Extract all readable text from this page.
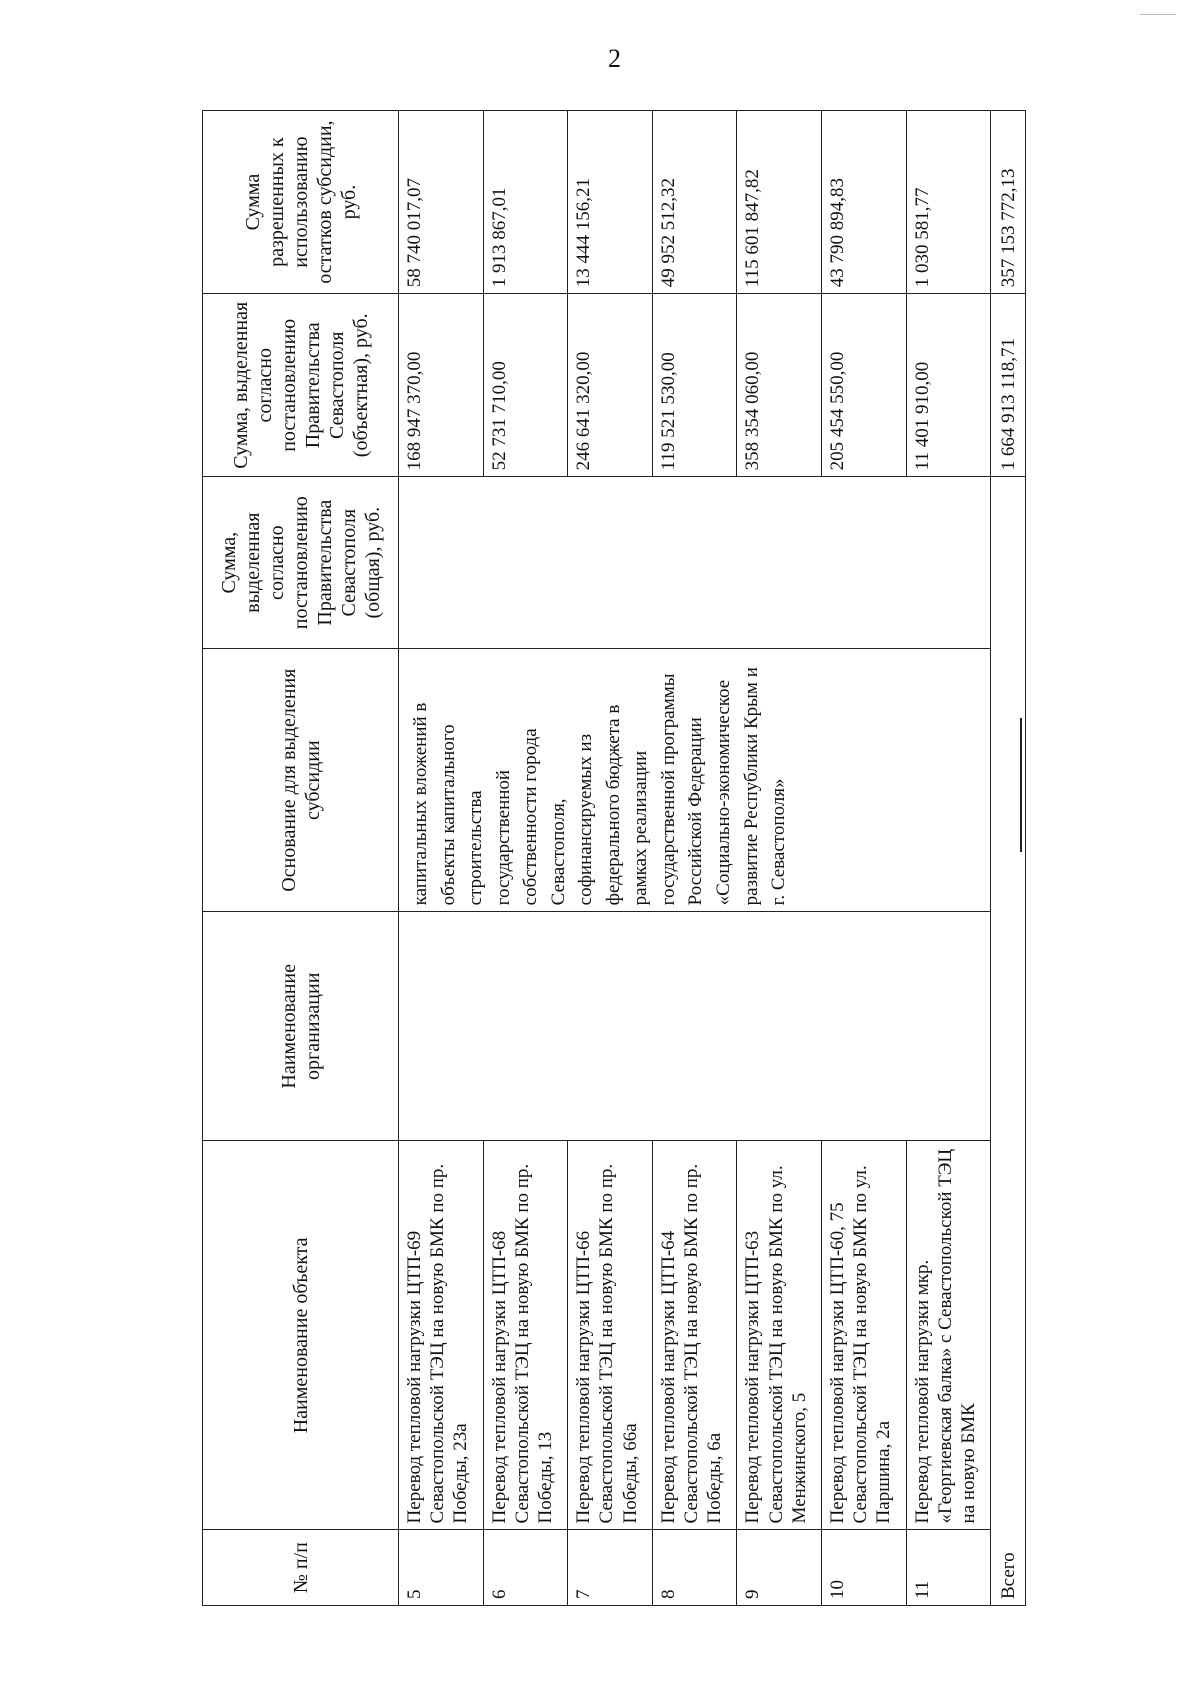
2
№ п/п	Наименование объекта	Наименование организации	Основание для выделения субсидии	Сумма, выделенная согласно постановлению Правительства Севастополя (общая), руб.	Сумма, выделенная согласно постановлению Правительства Севастополя (объектная), руб.	Сумма разрешенных к использованию остатков субсидии, руб.
5	Перевод тепловой нагрузки ЦТП-69 Севастопольской ТЭЦ на новую БМК по пр. Победы, 23а		капитальных вложений в объекты капитального строительства государственной собственности города Севастополя, софинансируемых из федерального бюджета в рамках реализации государственной программы Российской Федерации «Социально-экономическое развитие Республики Крым и г. Севастополя»		168 947 370,00	58 740 017,07
6	Перевод тепловой нагрузки ЦТП-68 Севастопольской ТЭЦ на новую БМК по пр. Победы, 13				52 731 710,00	1 913 867,01
7	Перевод тепловой нагрузки ЦТП-66 Севастопольской ТЭЦ на новую БМК по пр. Победы, 66а				246 641 320,00	13 444 156,21
8	Перевод тепловой нагрузки ЦТП-64 Севастопольской ТЭЦ на новую БМК по пр. Победы, 6а				119 521 530,00	49 952 512,32
9	Перевод тепловой нагрузки ЦТП-63 Севастопольской ТЭЦ на новую БМК по ул. Менжинского, 5				358 354 060,00	115 601 847,82
10	Перевод тепловой нагрузки ЦТП-60, 75 Севастопольской ТЭЦ на новую БМК по ул. Паршина, 2а				205 454 550,00	43 790 894,83
11	Перевод тепловой нагрузки мкр. «Георгиевская балка» с Севастопольской ТЭЦ на новую БМК				11 401 910,00	1 030 581,77
Всего					1 664 913 118,71	357 153 772,13
